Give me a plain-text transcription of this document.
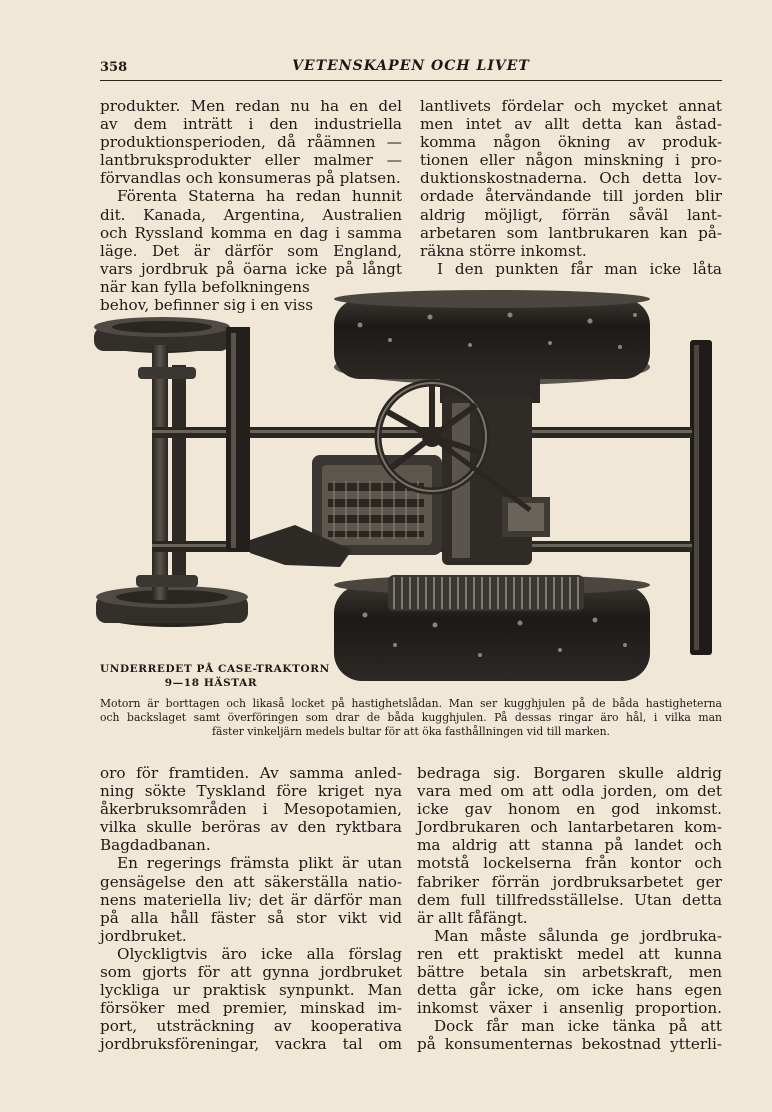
358	VETENSKAPEN OCH LIVET
produkter. Men redan nu ha en del
av dem inträtt i den industriella
produktionsperioden, då råämnen —
lantbruksprodukter eller malmer —
förvandlas och konsumeras på platsen.
Förenta Staterna ha redan hunnit
dit. Kanada, Argentina, Australien
och Ryssland komma en dag i samma
läge. Det är därför som England,
vars jordbruk på öarna icke på långt
när kan fylla befolkningens
behov, befinner sig i en viss
lantlivets fördelar och mycket annat
men intet av allt detta kan åstad-
komma någon ökning av produk-
tionen eller någon minskning i pro-
duktionskostnaderna. Och detta lov-
ordade återvändande till jorden blir
aldrig möjligt, förrän såväl lant-
arbetaren som lantbrukaren kan på-
räkna större inkomst.
I den punkten får man icke låta
UNDERREDET PÅ CASE-TRAKTORN
9—18 HÄSTAR
Motorn är borttagen och likaså locket på hastighetslådan. Man ser kugghjulen på de båda hastigheterna
och backslaget samt överföringen som drar de båda kugghjulen. På dessas ringar äro hål, i vilka man
fäster vinkeljärn medels bultar för att öka fasthållningen vid till marken.
oro för framtiden. Av samma anled-
ning sökte Tyskland före kriget nya
åkerbruksområden i Mesopotamien,
vilka skulle beröras av den ryktbara
Bagdadbanan.
En regerings främsta plikt är utan
gensägelse den att säkerställa natio-
nens materiella liv; det är därför man
på alla håll fäster så stor vikt vid
jordbruket.
Olyckligtvis äro icke alla förslag
som gjorts för att gynna jordbruket
lyckliga ur praktisk synpunkt. Man
försöker med premier, minskad im-
port, utsträckning av kooperativa
jordbruksföreningar, vackra tal om
bedraga sig. Borgaren skulle aldrig
vara med om att odla jorden, om det
icke gav honom en god inkomst.
Jordbrukaren och lantarbetaren kom-
ma aldrig att stanna på landet och
motstå lockelserna från kontor och
fabriker förrän jordbruksarbetet ger
dem full tillfredsställelse. Utan detta
är allt fåfängt.
Man måste sålunda ge jordbruka-
ren ett praktiskt medel att kunna
bättre betala sin arbetskraft, men
detta går icke, om icke hans egen
inkomst växer i ansenlig proportion.
Dock får man icke tänka på att
på konsumenternas bekostnad ytterli-
